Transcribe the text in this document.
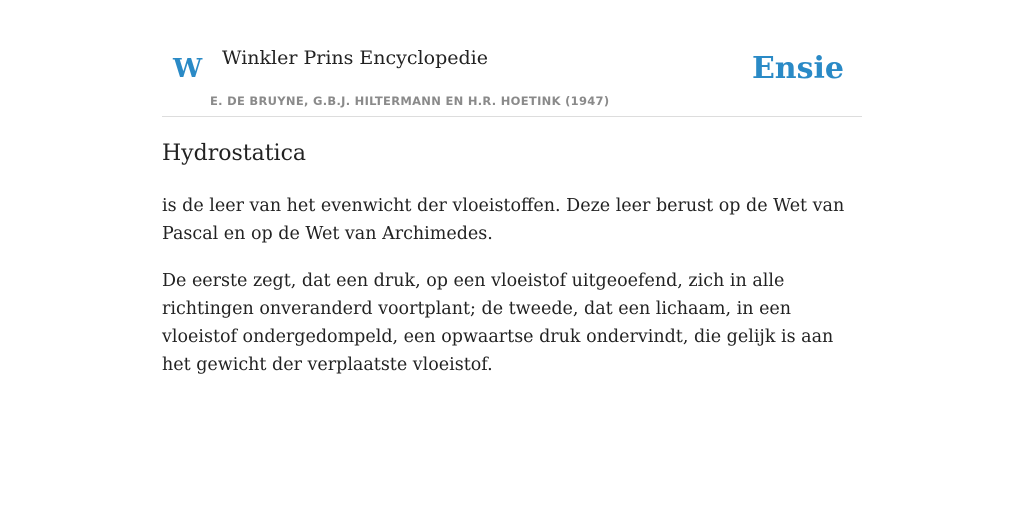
W Winkler Prins Encyclopedie
E. DE BRUYNE, G.B.J. HILTERMANN EN H.R. HOETINK (1947)
Ensie
Hydrostatica

is de leer van het evenwicht der vloeistoffen. Deze leer berust op de Wet van Pascal en op de Wet van Archimedes.

De eerste zegt, dat een druk, op een vloeistof uitgeoefend, zich in alle richtingen onveranderd voortplant; de tweede, dat een lichaam, in een vloeistof ondergedompeld, een opwaartse druk ondervindt, die gelijk is aan het gewicht der verplaatste vloeistof.
